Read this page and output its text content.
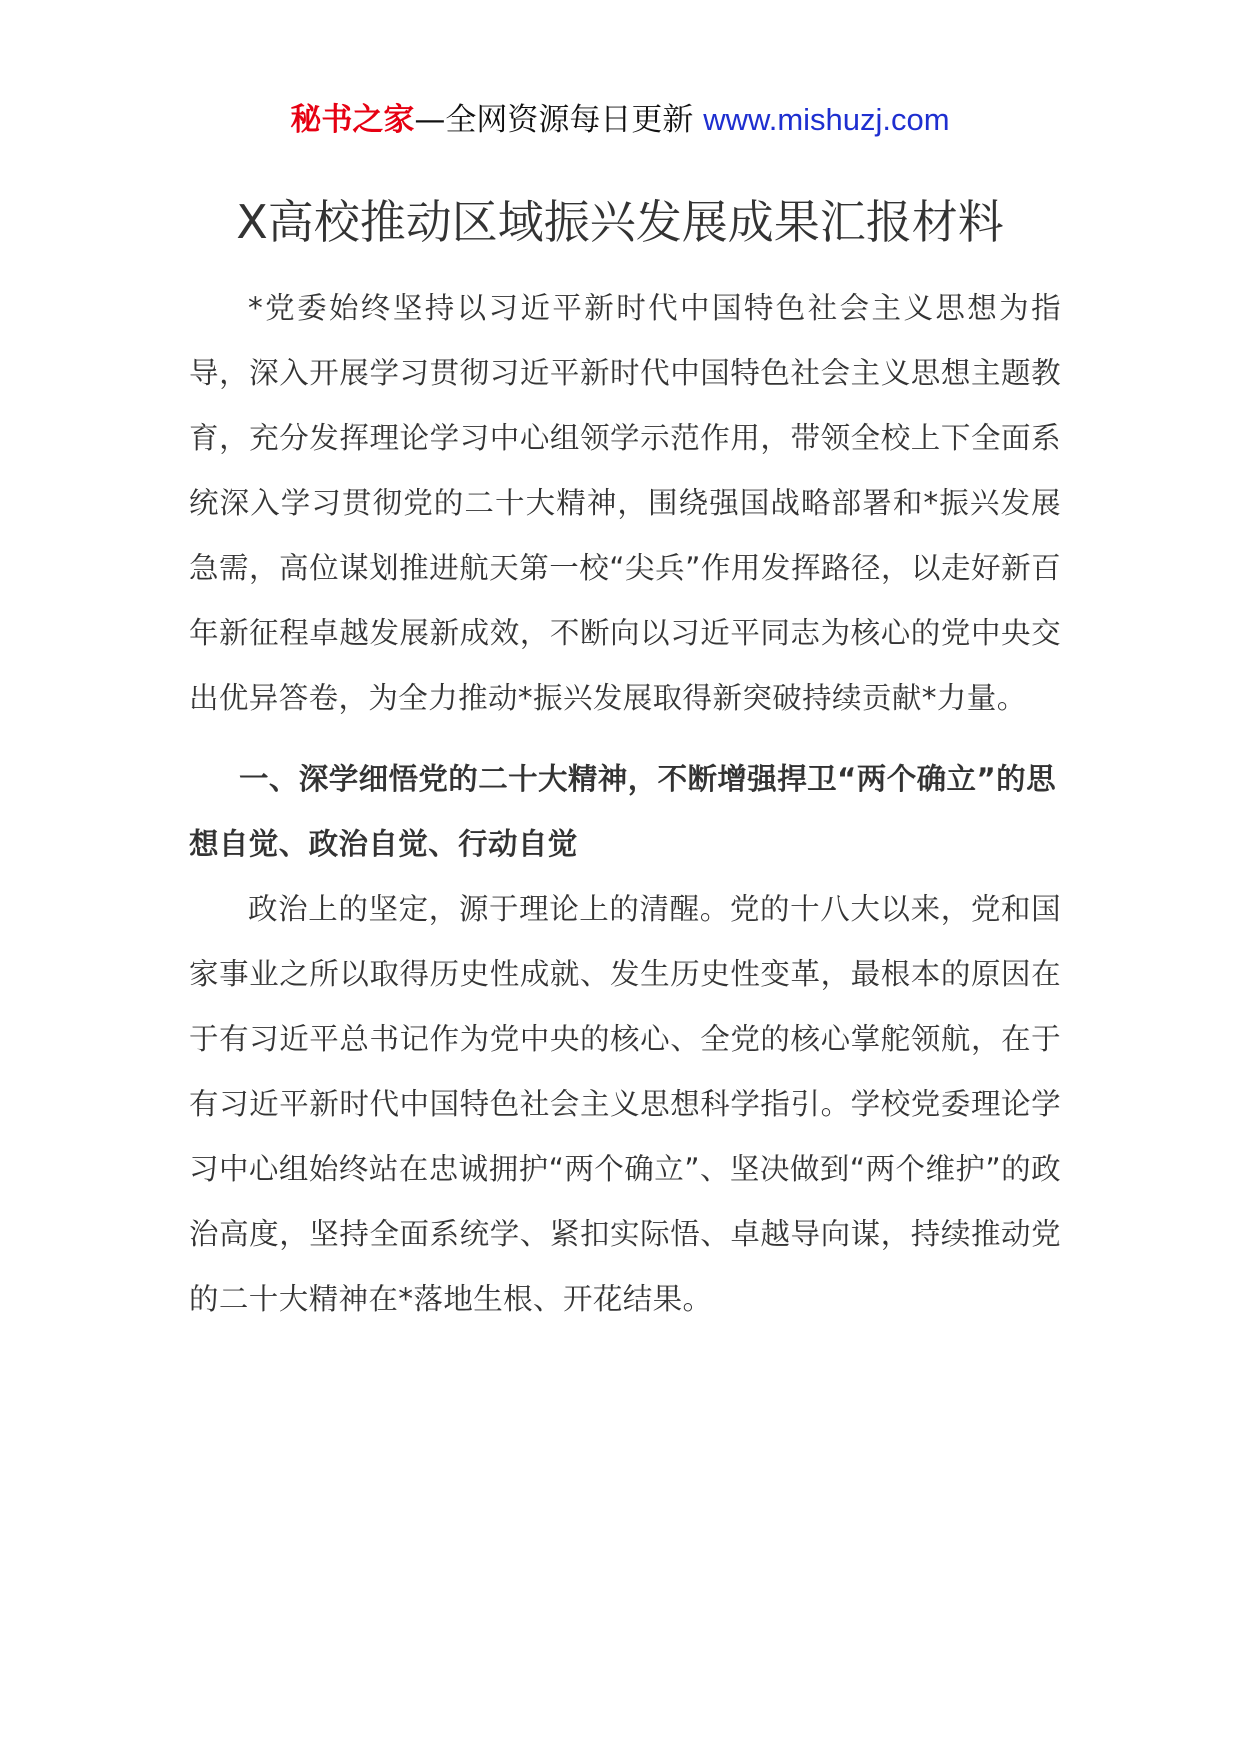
秘书之家—全网资源每日更新 www.mishuzj.com
X高校推动区域振兴发展成果汇报材料

*党委始终坚持以习近平新时代中国特色社会主义思想为指导，深入开展学习贯彻习近平新时代中国特色社会主义思想主题教育，充分发挥理论学习中心组领学示范作用，带领全校上下全面系统深入学习贯彻党的二十大精神，围绕强国战略部署和*振兴发展急需，高位谋划推进航天第一校“尖兵”作用发挥路径，以走好新百年新征程卓越发展新成效，不断向以习近平同志为核心的党中央交出优异答卷，为全力推动*振兴发展取得新突破持续贡献*力量。

一、深学细悟党的二十大精神，不断增强捍卫“两个确立”的思想自觉、政治自觉、行动自觉

政治上的坚定，源于理论上的清醒。党的十八大以来，党和国家事业之所以取得历史性成就、发生历史性变革，最根本的原因在于有习近平总书记作为党中央的核心、全党的核心掌舵领航，在于有习近平新时代中国特色社会主义思想科学指引。学校党委理论学习中心组始终站在忠诚拥护“两个确立”、坚决做到“两个维护”的政治高度，坚持全面系统学、紧扣实际悟、卓越导向谋，持续推动党的二十大精神在*落地生根、开花结果。
